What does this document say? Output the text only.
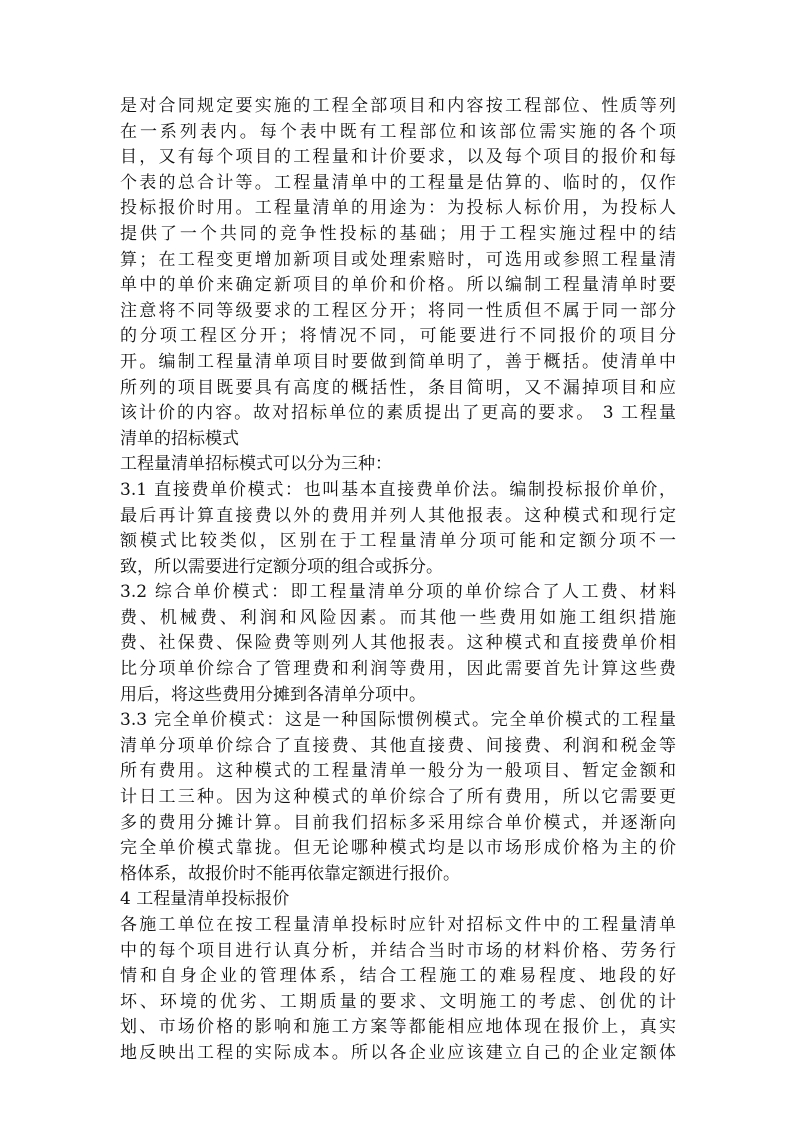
是对合同规定要实施的工程全部项目和内容按工程部位、性质等列
在一系列表内。每个表中既有工程部位和该部位需实施的各个项
目，又有每个项目的工程量和计价要求，以及每个项目的报价和每
个表的总合计等。工程量清单中的工程量是估算的、临时的，仅作
投标报价时用。工程量清单的用途为：为投标人标价用，为投标人
提供了一个共同的竞争性投标的基础；用于工程实施过程中的结
算；在工程变更增加新项目或处理索赔时，可选用或参照工程量清
单中的单价来确定新项目的单价和价格。所以编制工程量清单时要
注意将不同等级要求的工程区分开；将同一性质但不属于同一部分
的分项工程区分开；将情况不同，可能要进行不同报价的项目分
开。编制工程量清单项目时要做到简单明了，善于概括。使清单中
所列的项目既要具有高度的概括性，条目简明，又不漏掉项目和应
该计价的内容。故对招标单位的素质提出了更高的要求。 3 工程量
清单的招标模式
工程量清单招标模式可以分为三种：
3.1 直接费单价模式：也叫基本直接费单价法。编制投标报价单价，
最后再计算直接费以外的费用并列人其他报表。这种模式和现行定
额模式比较类似，区别在于工程量清单分项可能和定额分项不一
致，所以需要进行定额分项的组合或拆分。
3.2 综合单价模式：即工程量清单分项的单价综合了人工费、材料
费、机械费、利润和风险因素。而其他一些费用如施工组织措施
费、社保费、保险费等则列人其他报表。这种模式和直接费单价相
比分项单价综合了管理费和利润等费用，因此需要首先计算这些费
用后，将这些费用分摊到各清单分项中。
3.3 完全单价模式：这是一种国际惯例模式。完全单价模式的工程量
清单分项单价综合了直接费、其他直接费、间接费、利润和税金等
所有费用。这种模式的工程量清单一般分为一般项目、暂定金额和
计日工三种。因为这种模式的单价综合了所有费用，所以它需要更
多的费用分摊计算。目前我们招标多采用综合单价模式，并逐渐向
完全单价模式靠拢。但无论哪种模式均是以市场形成价格为主的价
格体系，故报价时不能再依靠定额进行报价。
4 工程量清单投标报价
各施工单位在按工程量清单投标时应针对招标文件中的工程量清单
中的每个项目进行认真分析，并结合当时市场的材料价格、劳务行
情和自身企业的管理体系，结合工程施工的难易程度、地段的好
坏、环境的优劣、工期质量的要求、文明施工的考虑、创优的计
划、市场价格的影响和施工方案等都能相应地体现在报价上，真实
地反映出工程的实际成本。所以各企业应该建立自己的企业定额体
